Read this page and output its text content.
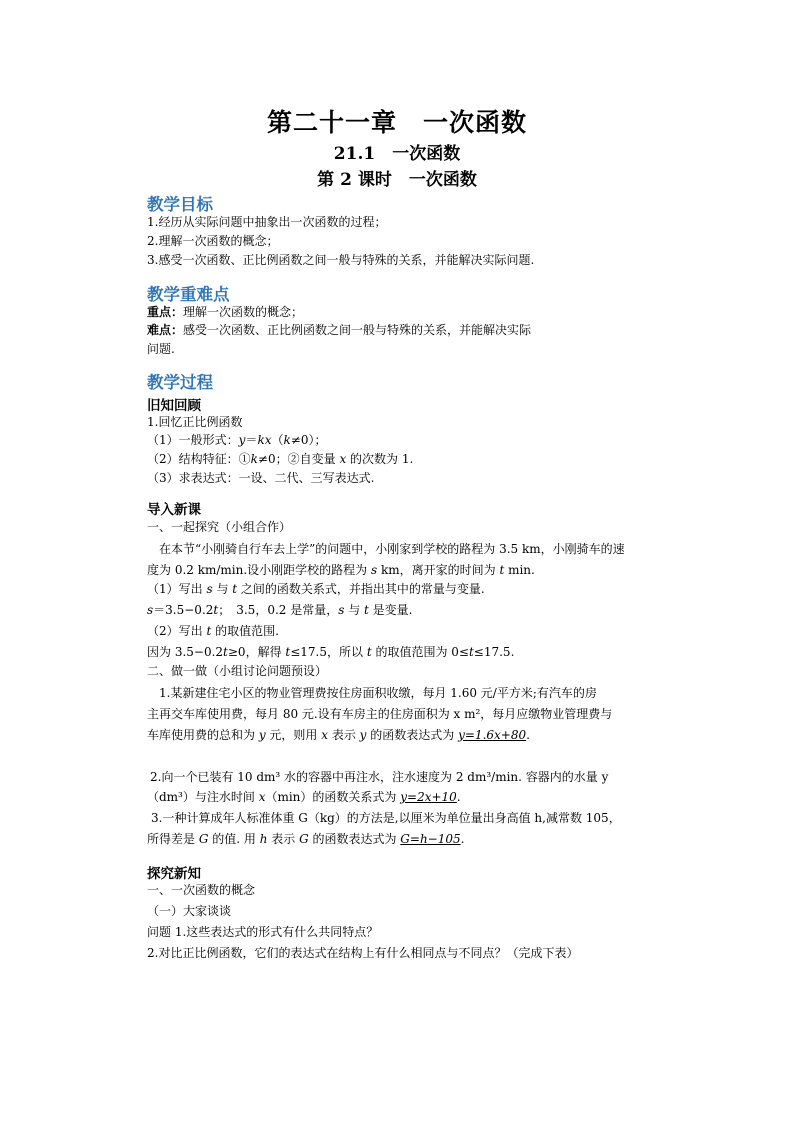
第二十一章　一次函数
21.1　一次函数
第 2 课时　一次函数
教学目标
1.经历从实际问题中抽象出一次函数的过程；
2.理解一次函数的概念；
3.感受一次函数、正比例函数之间一般与特殊的关系，并能解决实际问题.
教学重难点
重点：理解一次函数的概念；
难点：感受一次函数、正比例函数之间一般与特殊的关系，并能解决实际
问题.
教学过程
旧知回顾
1.回忆正比例函数
（1）一般形式：y＝kx（k≠0）；
（2）结构特征：①k≠0；②自变量 x 的次数为 1.
（3）求表达式：一设、二代、三写表达式.
导入新课
一、一起探究（小组合作）
在本节“小刚骑自行车去上学”的问题中，小刚家到学校的路程为 3.5 km，小刚骑车的速
度为 0.2 km/min.设小刚距学校的路程为 s km，离开家的时间为 t min.
（1）写出 s 与 t 之间的函数关系式，并指出其中的常量与变量.
s＝3.5−0.2t；　3.5，0.2 是常量，s 与 t 是变量.
（2）写出 t 的取值范围.
因为 3.5−0.2t≥0，解得 t≤17.5，所以 t 的取值范围为 0≤t≤17.5.
二、做一做（小组讨论问题预设）
1.某新建住宅小区的物业管理费按住房面积收缴，每月 1.60 元/平方米;有汽车的房
主再交车库使用费，每月 80 元.设有车房主的住房面积为 x m²，每月应缴物业管理费与
车库使用费的总和为 y 元，则用 x 表示 y 的函数表达式为 y=1.6x+80.
2.向一个已装有 10 dm³ 水的容器中再注水，注水速度为 2 dm³/min. 容器内的水量 y
（dm³）与注水时间 x（min）的函数关系式为 y=2x+10.
3.一种计算成年人标准体重 G（kg）的方法是,以厘米为单位量出身高值 h,减常数 105，
所得差是 G 的值. 用 h 表示 G 的函数表达式为 G=h−105.
探究新知
一、一次函数的概念
（一）大家谈谈
问题 1.这些表达式的形式有什么共同特点？
2.对比正比例函数，它们的表达式在结构上有什么相同点与不同点？（完成下表）
